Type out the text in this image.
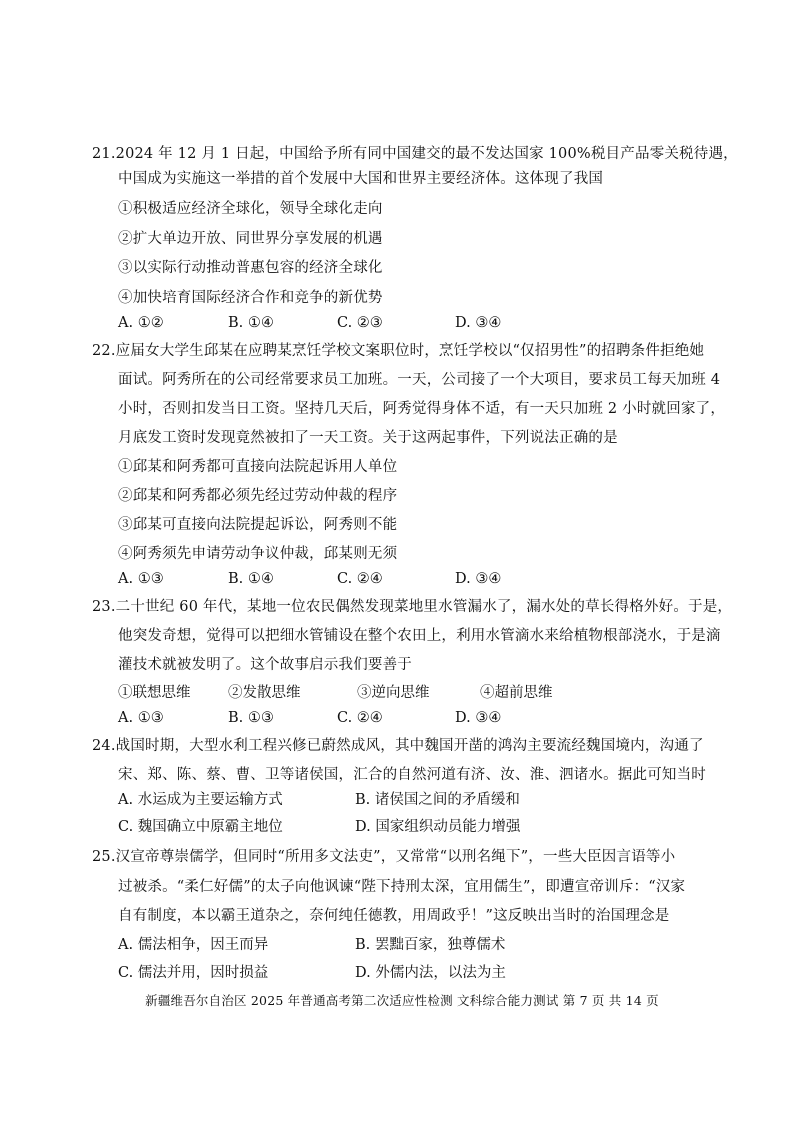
21.2024 年 12 月 1 日起，中国给予所有同中国建交的最不发达国家 100%税目产品零关税待遇，
中国成为实施这一举措的首个发展中大国和世界主要经济体。这体现了我国
①积极适应经济全球化，领导全球化走向
②扩大单边开放、同世界分享发展的机遇
③以实际行动推动普惠包容的经济全球化
④加快培育国际经济合作和竞争的新优势
A. ①②	B. ①④	C. ②③	D. ③④
22.应届女大学生邱某在应聘某烹饪学校文案职位时，烹饪学校以“仅招男性”的招聘条件拒绝她
面试。阿秀所在的公司经常要求员工加班。一天，公司接了一个大项目，要求员工每天加班 4
小时，否则扣发当日工资。坚持几天后，阿秀觉得身体不适，有一天只加班 2 小时就回家了，
月底发工资时发现竟然被扣了一天工资。关于这两起事件，下列说法正确的是
①邱某和阿秀都可直接向法院起诉用人单位
②邱某和阿秀都必须先经过劳动仲裁的程序
③邱某可直接向法院提起诉讼，阿秀则不能
④阿秀须先申请劳动争议仲裁，邱某则无须
A. ①③	B. ①④	C. ②④	D. ③④
23.二十世纪 60 年代，某地一位农民偶然发现菜地里水管漏水了，漏水处的草长得格外好。于是，
他突发奇想，觉得可以把细水管铺设在整个农田上，利用水管滴水来给植物根部浇水，于是滴
灌技术就被发明了。这个故事启示我们要善于
①联想思维	②发散思维	③逆向思维	④超前思维
A. ①③	B. ①③	C. ②④	D. ③④
24.战国时期，大型水利工程兴修已蔚然成风，其中魏国开凿的鸿沟主要流经魏国境内，沟通了
宋、郑、陈、蔡、曹、卫等诸侯国，汇合的自然河道有济、汝、淮、泗诸水。据此可知当时
A. 水运成为主要运输方式	B. 诸侯国之间的矛盾缓和
C. 魏国确立中原霸主地位	D. 国家组织动员能力增强
25.汉宣帝尊崇儒学，但同时“所用多文法吏”，又常常“以刑名绳下”，一些大臣因言语等小
过被杀。“柔仁好儒”的太子向他讽谏“陛下持刑太深，宜用儒生”，即遭宣帝训斥：“汉家
自有制度，本以霸王道杂之，奈何纯任德教，用周政乎！”这反映出当时的治国理念是
A. 儒法相争，因王而异	B. 罢黜百家，独尊儒术
C. 儒法并用，因时损益	D. 外儒内法，以法为主
新疆维吾尔自治区 2025 年普通高考第二次适应性检测 文科综合能力测试 第 7 页 共 14 页
